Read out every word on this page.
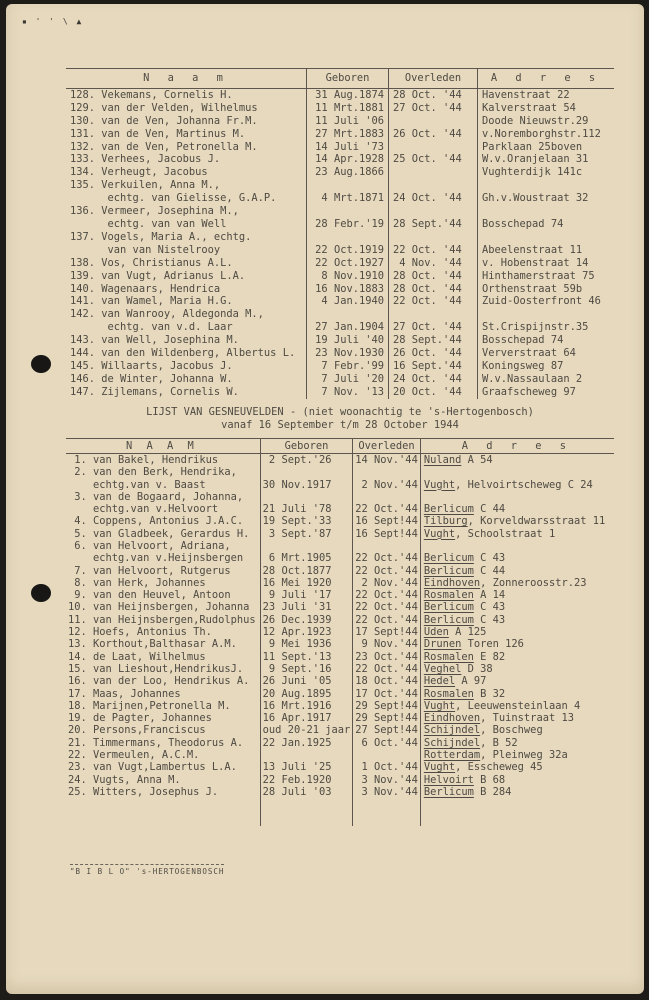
▪ ' ' \ ▲
N a a m	Geboren	Overleden	A d r e s
128. Vekemans, Cornelis H.	31 Aug.1874	28 Oct. '44	Havenstraat 22
129. van der Velden, Wilhelmus	11 Mrt.1881	27 Oct. '44	Kalverstraat 54
130. van de Ven, Johanna Fr.M.	11 Juli '06		Doode Nieuwstr.29
131. van de Ven, Martinus M.	27 Mrt.1883	26 Oct. '44	v.Noremborghstr.112
132. van de Ven, Petronella M.	14 Juli '73		Parklaan 25boven
133. Verhees, Jacobus J.	14 Apr.1928	25 Oct. '44	W.v.Oranjelaan 31
134. Verheugt, Jacobus	23 Aug.1866		Vughterdijk 141c
135. Verkuilen, Anna M.,			
echtg. van Gielisse, G.A.P.	4 Mrt.1871	24 Oct. '44	Gh.v.Woustraat 32
136. Vermeer, Josephina M.,			
echtg. van van Well	28 Febr.'19	28 Sept.'44	Bosschepad 74
137. Vogels, Maria A., echtg.			
van van Nistelrooy	22 Oct.1919	22 Oct. '44	Abeelenstraat 11
138. Vos, Christianus A.L.	22 Oct.1927	4 Nov. '44	v. Hobenstraat 14
139. van Vugt, Adrianus L.A.	8 Nov.1910	28 Oct. '44	Hinthamerstraat 75
140. Wagenaars, Hendrica	16 Nov.1883	28 Oct. '44	Orthenstraat 59b
141. van Wamel, Maria H.G.	4 Jan.1940	22 Oct. '44	Zuid-Oosterfront 46
142. van Wanrooy, Aldegonda M.,			
echtg. van v.d. Laar	27 Jan.1904	27 Oct. '44	St.Crispijnstr.35
143. van Well, Josephina M.	19 Juli '40	28 Sept.'44	Bosschepad 74
144. van den Wildenberg, Albertus L.	23 Nov.1930	26 Oct. '44	Ververstraat 64
145. Willaarts, Jacobus J.	7 Febr.'99	16 Sept.'44	Koningsweg 87
146. de Winter, Johanna W.	7 Juli '20	24 Oct. '44	W.v.Nassaulaan 2
147. Zijlemans, Cornelis W.	7 Nov. '13	20 Oct. '44	Graafscheweg 97
LIJST VAN GESNEUVELDEN - (niet woonachtig te 's-Hertogenbosch)
vanaf 16 September t/m 28 October 1944
N A A M	Geboren	Overleden	A d r e s
1. van Bakel, Hendrikus	2 Sept.'26	14 Nov.'44	Nuland A 54
2. van den Berk, Hendrika,			
echtg.van v. Baast	30 Nov.1917	2 Nov.'44	Vught, Helvoirtscheweg C 24
3. van de Bogaard, Johanna,			
echtg.van v.Helvoort	21 Juli '78	22 Oct.'44	Berlicum C 44
4. Coppens, Antonius J.A.C.	19 Sept.'33	16 Sept!44	Tilburg, Korveldwarsstraat 11
5. van Gladbeek, Gerardus H.	3 Sept.'87	16 Sept!44	Vught, Schoolstraat 1
6. van Helvoort, Adriana,			
echtg.van v.Heijnsbergen	6 Mrt.1905	22 Oct.'44	Berlicum C 43
7. van Helvoort, Rutgerus	28 Oct.1877	22 Oct.'44	Berlicum C 44
8. van Herk, Johannes	16 Mei 1920	2 Nov.'44	Eindhoven, Zonneroosstr.23
9. van den Heuvel, Antoon	9 Juli '17	22 Oct.'44	Rosmalen A 14
10. van Heijnsbergen, Johanna	23 Juli '31	22 Oct.'44	Berlicum C 43
11. van Heijnsbergen,Rudolphus	26 Dec.1939	22 Oct.'44	Berlicum C 43
12. Hoefs, Antonius Th.	12 Apr.1923	17 Sept!44	Uden A 125
13. Korthout,Balthasar A.M.	9 Mei 1936	9 Nov.'44	Drunen Toren 126
14. de Laat, Wilhelmus	11 Sept.'13	23 Oct.'44	Rosmalen E 82
15. van Lieshout,HendrikusJ.	9 Sept.'16	22 Oct.'44	Veghel D 38
16. van der Loo, Hendrikus A.	26 Juni '05	18 Oct.'44	Hedel A 97
17. Maas, Johannes	20 Aug.1895	17 Oct.'44	Rosmalen B 32
18. Marijnen,Petronella M.	16 Mrt.1916	29 Sept!44	Vught, Leeuwensteinlaan 4
19. de Pagter, Johannes	16 Apr.1917	29 Sept!44	Eindhoven, Tuinstraat 13
20. Persons,Franciscus	oud 20-21 jaar	27 Sept!44	Schijndel, Boschweg
21. Timmermans, Theodorus A.	22 Jan.1925	6 Oct.'44	Schijndel, B 52
22. Vermeulen, A.C.M.			Rotterdam, Pleinweg 32a
23. van Vugt,Lambertus L.A.	13 Juli '25	1 Oct.'44	Vught, Esscheweg 45
24. Vugts, Anna M.	22 Feb.1920	3 Nov.'44	Helvoirt B 68
25. Witters, Josephus J.	28 Juli '03	3 Nov.'44	Berlicum B 284

"B I B L O" 's-HERTOGENBOSCH
